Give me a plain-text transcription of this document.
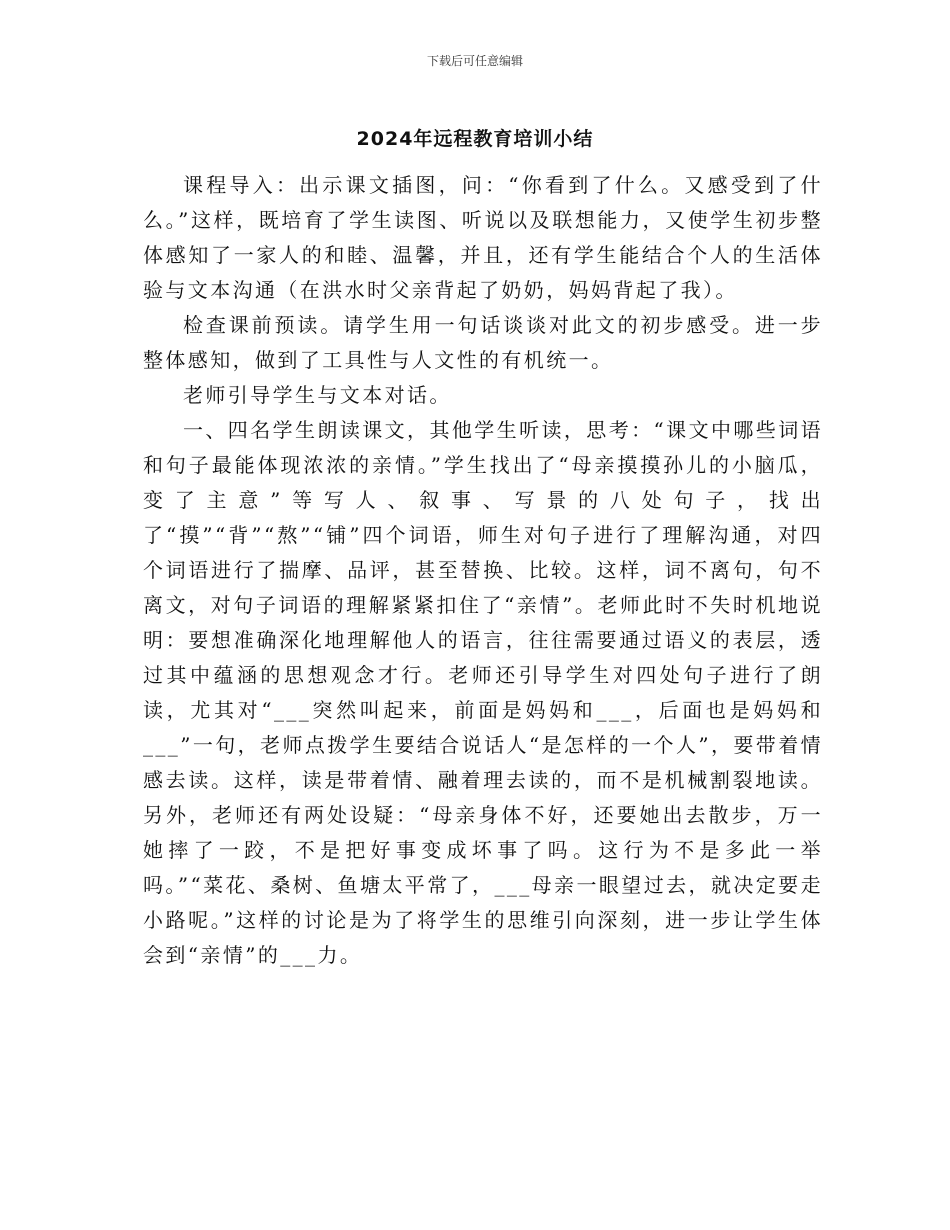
下载后可任意编辑
2024年远程教育培训小结

课程导入：出示课文插图，问：“你看到了什么。又感受到了什么。”这样，既培育了学生读图、听说以及联想能力，又使学生初步整体感知了一家人的和睦、温馨，并且，还有学生能结合个人的生活体验与文本沟通（在洪水时父亲背起了奶奶，妈妈背起了我）。

检查课前预读。请学生用一句话谈谈对此文的初步感受。进一步整体感知，做到了工具性与人文性的有机统一。

老师引导学生与文本对话。

一、四名学生朗读课文，其他学生听读，思考：“课文中哪些词语和句子最能体现浓浓的亲情。”学生找出了“母亲摸摸孙儿的小脑瓜，变了主意”等写人、叙事、写景的八处句子，找出了“摸”“背”“熬”“铺”四个词语，师生对句子进行了理解沟通，对四个词语进行了揣摩、品评，甚至替换、比较。这样，词不离句，句不离文，对句子词语的理解紧紧扣住了“亲情”。老师此时不失时机地说明：要想准确深化地理解他人的语言，往往需要通过语义的表层，透过其中蕴涵的思想观念才行。老师还引导学生对四处句子进行了朗读，尤其对“___突然叫起来，前面是妈妈和___，后面也是妈妈和___”一句，老师点拨学生要结合说话人“是怎样的一个人”，要带着情感去读。这样，读是带着情、融着理去读的，而不是机械割裂地读。另外，老师还有两处设疑：“母亲身体不好，还要她出去散步，万一她摔了一跤，不是把好事变成坏事了吗。这行为不是多此一举吗。”“菜花、桑树、鱼塘太平常了，___母亲一眼望过去，就决定要走小路呢。”这样的讨论是为了将学生的思维引向深刻，进一步让学生体会到“亲情”的___力。
